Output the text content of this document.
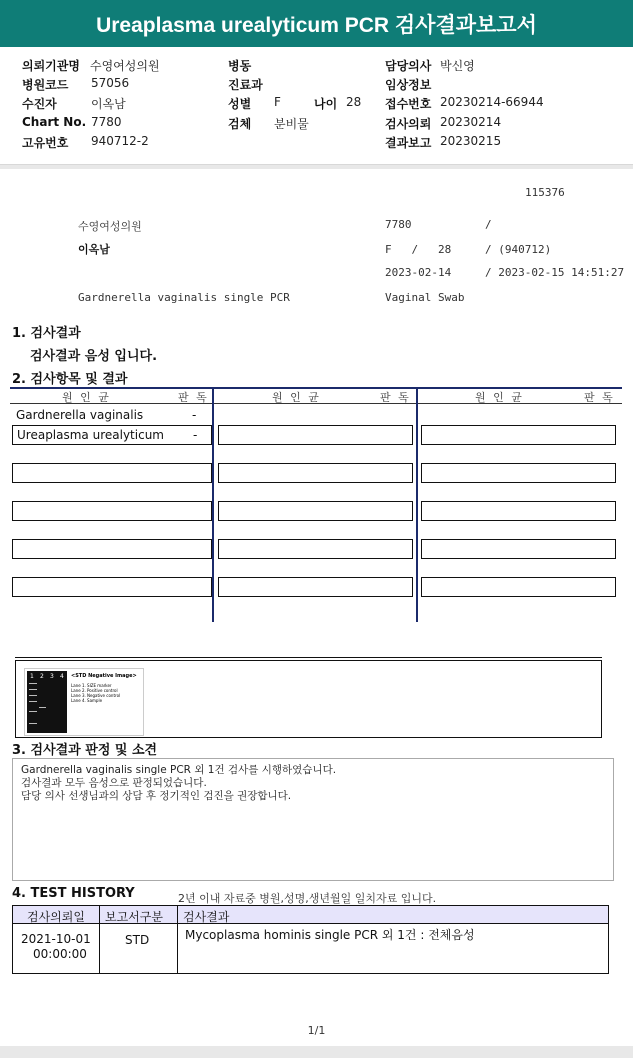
Ureaplasma urealyticum PCR 검사결과보고서
의뢰기관명 수영여성의원
병원코드 57056
수진자	이옥남
Chart No. 7780
고유번호 940712-2
병동
진료과
성별 F	나이 28
검체 분비물
담당의사 박신영
임상정보
접수번호 20230214-66944
검사의뢰 20230214
결과보고 20230215
115376
수영여성의원	7780	/
이옥남	F   /   28	/ (940712)
2023-02-14	/ 2023-02-15 14:51:27
Gardnerella vaginalis single PCR	Vaginal Swab
1. 검사결과
검사결과 음성 입니다.
2. 검사항목 및 결과
원 인 균	판 독	원 인 균	판 독	원 인 균	판 독
Gardnerella vaginalis	-
Ureaplasma urealyticum -
1 2 3 4 <STD Negative Image>
Lane 1. SIZE marker
Lane 2. Positive control
Lane 3. Negative control
Lane 4. Sample
3. 검사결과 판정 및 소견
Gardnerella vaginalis single PCR 외 1건 검사를 시행하였습니다.
검사결과 모두 음성으로 판정되었습니다.
담당 의사 선생님과의 상담 후 정기적인 검진을 권장합니다.
4. TEST HISTORY	2년 이내 자료중 병원,성명,생년월일 일치자료 입니다.
검사의뢰일 보고서구분 검사결과
2021-10-01
00:00:00
STD	Mycoplasma hominis single PCR 외 1건 : 전체음성
1/1
